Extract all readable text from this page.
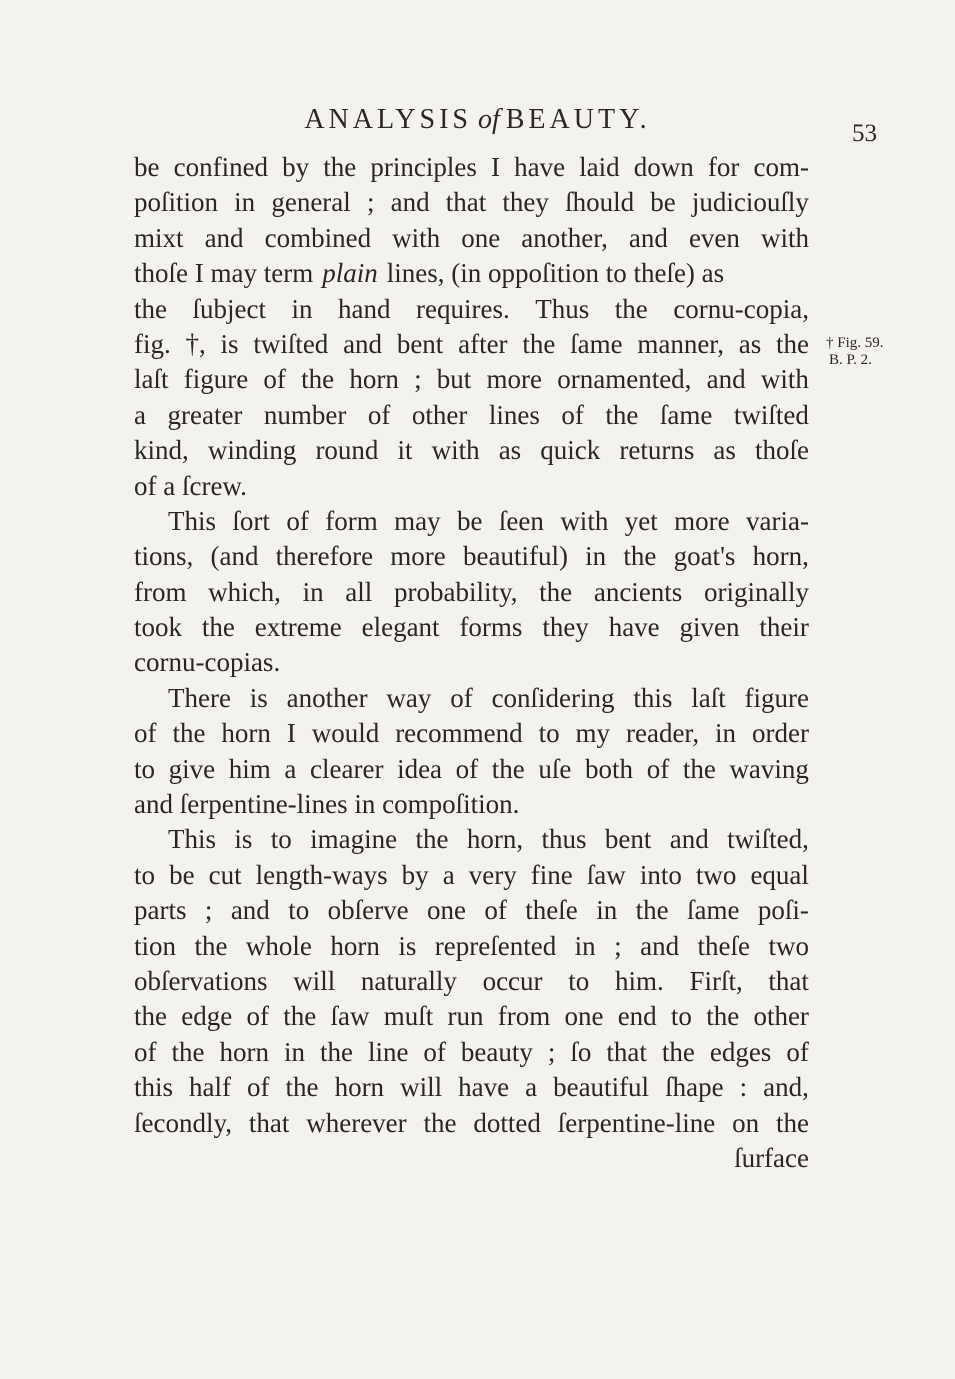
ANALYSIS of BEAUTY.	53
† Fig. 59.
B. P. 2.
be confined by the principles I have laid down for com-
poſition in general ; and that they ſhould be judiciouſly
mixt and combined with one another, and even with
thoſe I may term plain lines, (in oppoſition to theſe) as
the ſubject in hand requires. Thus the cornu-copia,
fig. †, is twiſted and bent after the ſame manner, as the
laſt figure of the horn ; but more ornamented, and with
a greater number of other lines of the ſame twiſted
kind, winding round it with as quick returns as thoſe
of a ſcrew.
This ſort of form may be ſeen with yet more varia-
tions, (and therefore more beautiful) in the goat's horn,
from which, in all probability, the ancients originally
took the extreme elegant forms they have given their
cornu-copias.
There is another way of conſidering this laſt figure
of the horn I would recommend to my reader, in order
to give him a clearer idea of the uſe both of the waving
and ſerpentine-lines in compoſition.
This is to imagine the horn, thus bent and twiſted,
to be cut length-ways by a very fine ſaw into two equal
parts ; and to obſerve one of theſe in the ſame poſi-
tion the whole horn is repreſented in ; and theſe two
obſervations will naturally occur to him. Firſt, that
the edge of the ſaw muſt run from one end to the other
of the horn in the line of beauty ; ſo that the edges of
this half of the horn will have a beautiful ſhape : and,
ſecondly, that wherever the dotted ſerpentine-line on the
ſurface
